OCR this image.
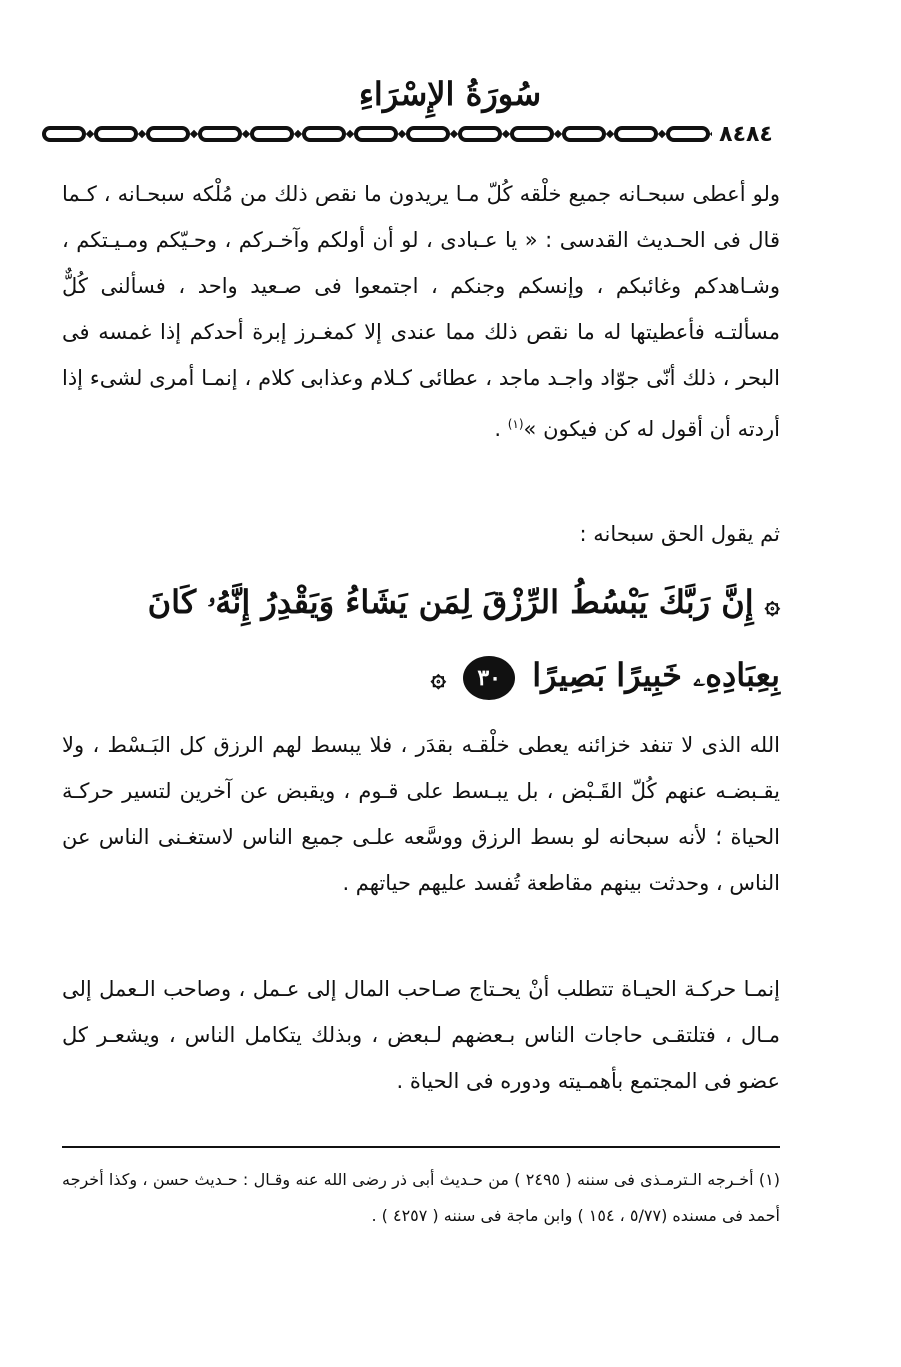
سُورَةُ الإِسْرَاءِ
٨٤٨٤

ولو أعطى سبحـانه جميع خلْقه كُلّ مـا يريدون ما نقص ذلك من مُلْكه سبحـانه ، كـما قال فى الحـديث القدسى : « يا عـبادى ، لو أن أولكم وآخـركم ، وحـيّكم ومـيـتكم ، وشـاهدكم وغائبكم ، وإنسكم وجنكم ، اجتمعوا فى صـعيد واحد ، فسألنى كُلٌّ مسألتـه فأعطيتها له ما نقص ذلك مما عندى إلا كمغـرز إبرة أحدكم إذا غمسه فى البحر ، ذلك أنّى جوّاد واجـد ماجد ، عطائى كـلام وعذابى كلام ، إنمـا أمرى لشىء إذا أردته أن أقول له كن فيكون »$^{(١)}$ .

ثم يقول الحق سبحانه :

۞ إِنَّ رَبَّكَ يَبْسُطُ الرِّزْقَ لِمَن يَشَاءُ وَيَقْدِرُ إِنَّهُۥ كَانَ
بِعِبَادِهِۦ خَبِيرًا بَصِيرًا ٣٠ ۞

الله الذى لا تنفد خزائنه يعطى خلْقـه بقدَر ، فلا يبسط لهم الرزق كل البَـسْط ، ولا يقـبضـه عنهم كُلّ القَـبْض ، بل يبـسط على قـوم ، ويقبض عن آخرين لتسير حركـة الحياة ؛ لأنه سبحانه لو بسط الرزق ووسَّعه علـى جميع الناس لاستغـنى الناس عن الناس ، وحدثت بينهم مقاطعة تُفسد عليهم حياتهم .

إنمـا حركـة الحيـاة تتطلب أنْ يحـتاج صـاحب المال إلى عـمل ، وصاحب الـعمل إلى مـال ، فتلتقـى حاجات الناس بـعضهم لـبعض ، وبذلك يتكامل الناس ، ويشعـر كل عضو فى المجتمع بأهمـيته ودوره فى الحياة .

(١) أخـرجه الـترمـذى فى سننه ( ٢٤٩٥ ) من حـديث أبى ذر رضى الله عنه وقـال : حـديث حسن ، وكذا أخرجه أحمد فى مسنده (٥/٧٧ ، ١٥٤ ) وابن ماجة فى سننه ( ٤٢٥٧ ) .
